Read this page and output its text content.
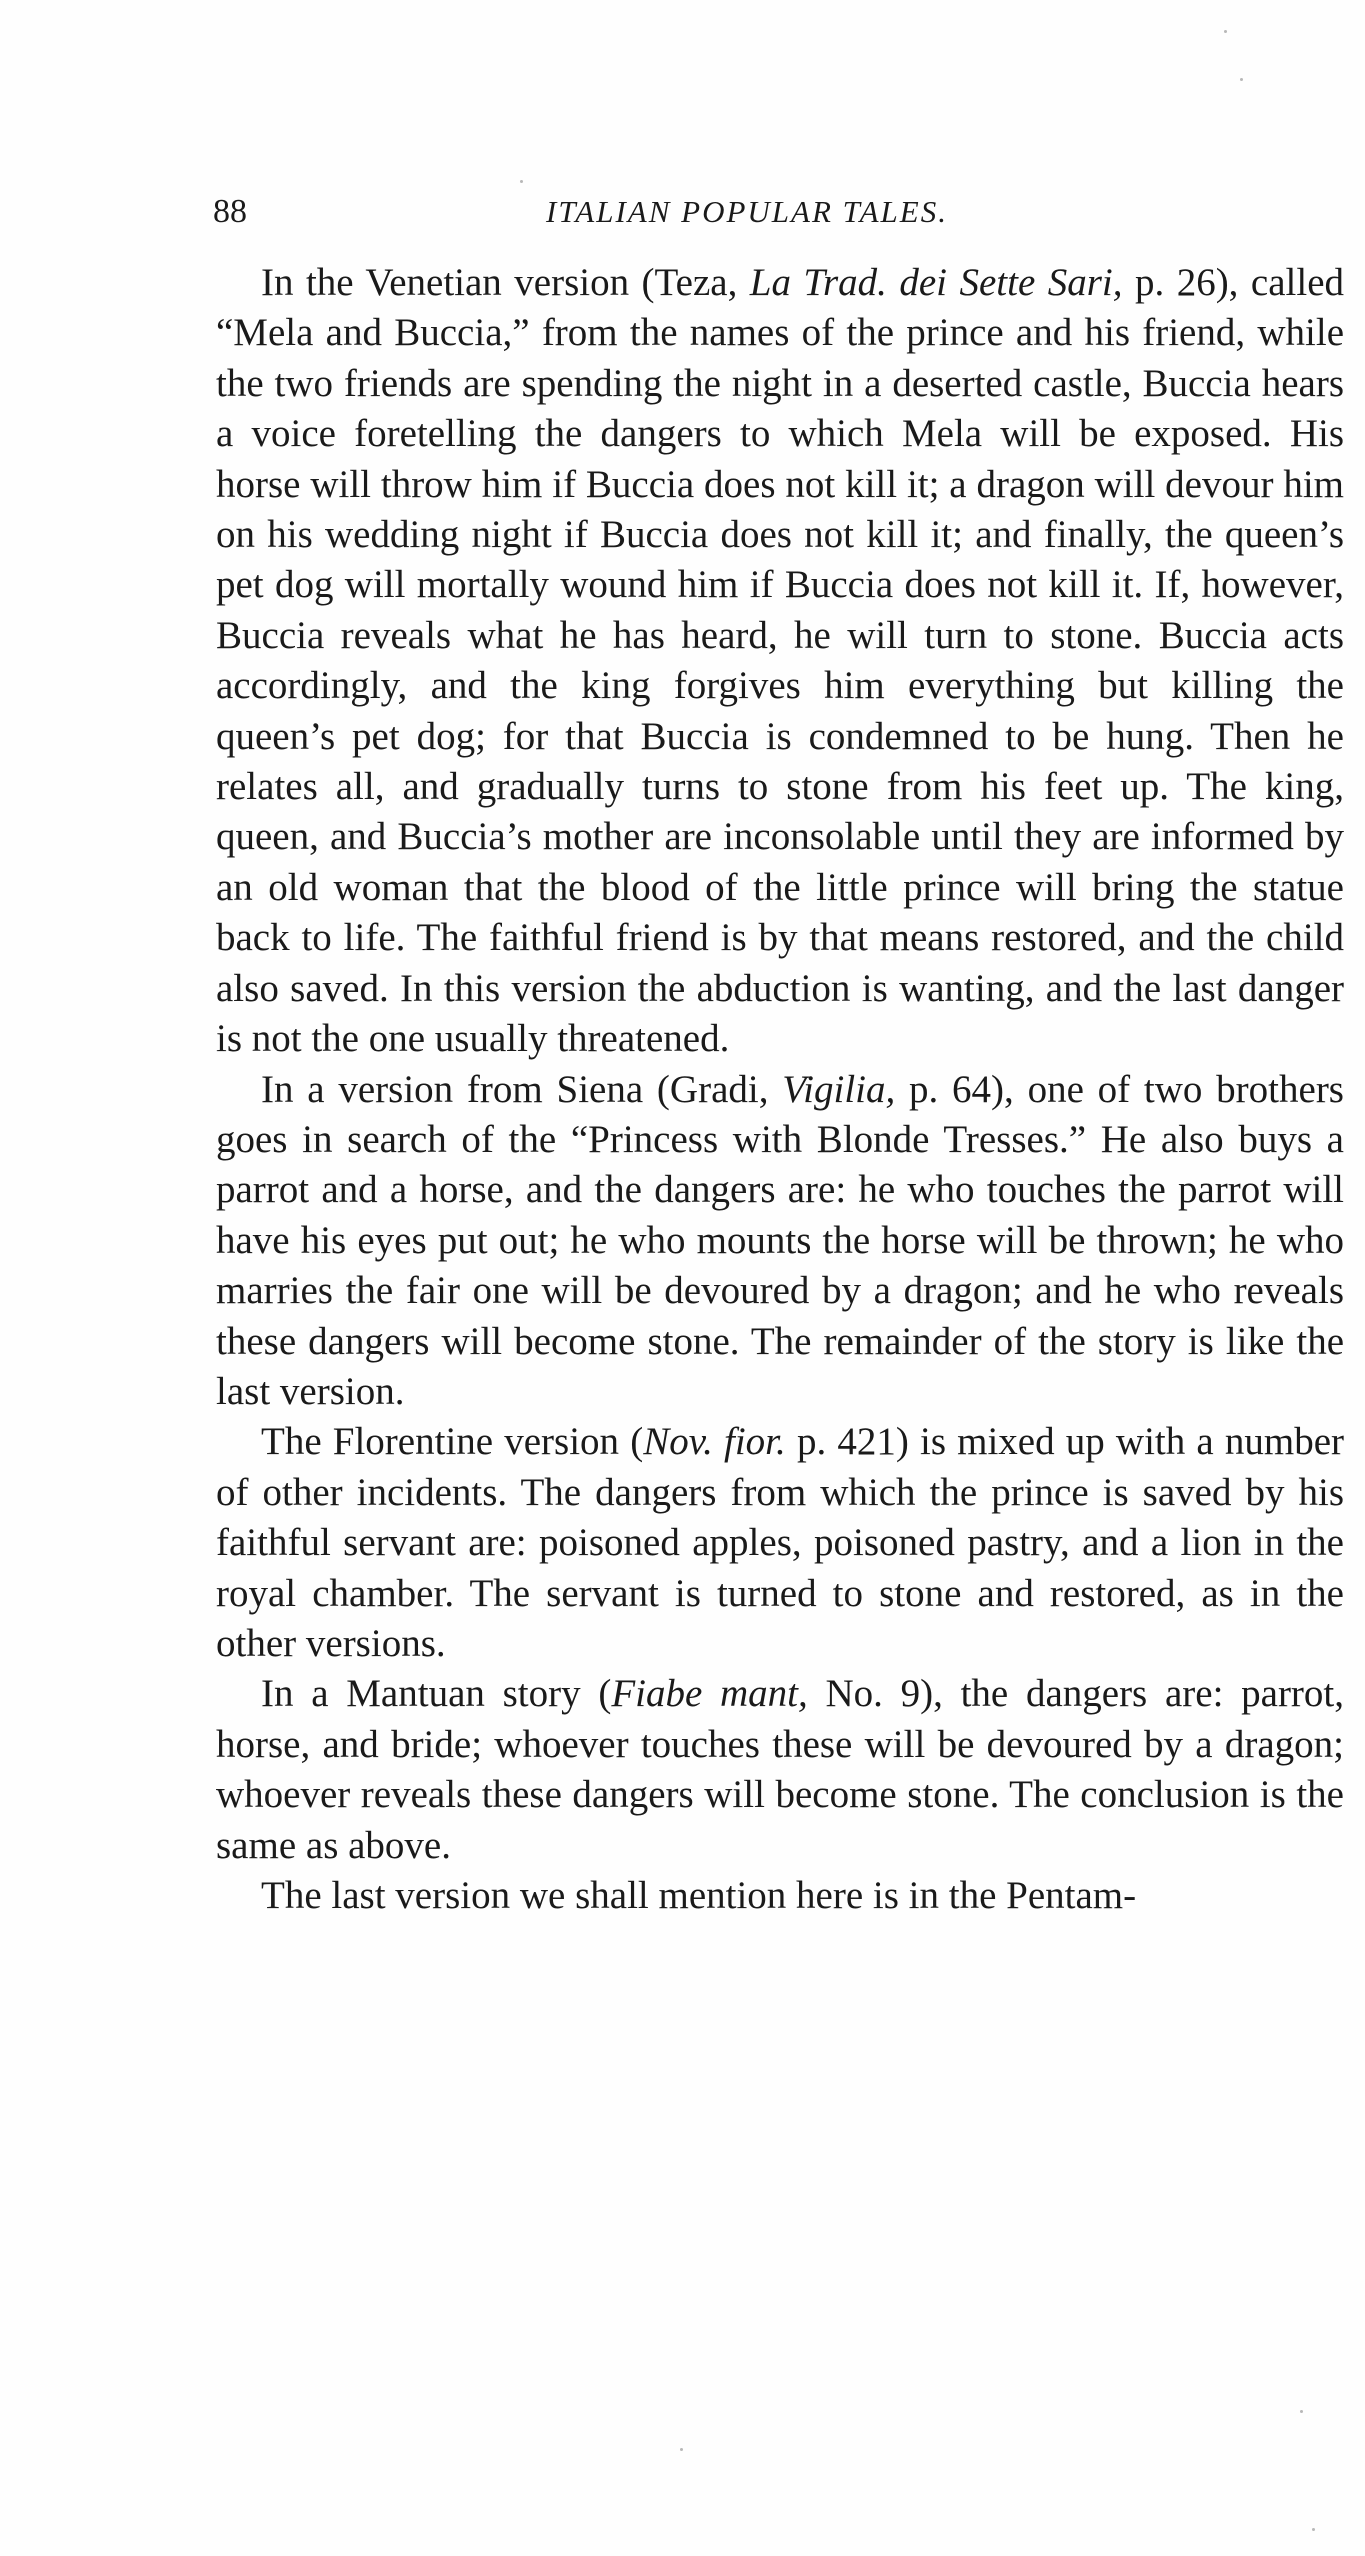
88	ITALIAN POPULAR TALES.

In the Venetian version (Teza, La Trad. dei Sette Sari, p. 26), called “Mela and Buccia,” from the names of the prince and his friend, while the two friends are spending the night in a deserted castle, Buccia hears a voice foretelling the dangers to which Mela will be exposed. His horse will throw him if Buccia does not kill it; a dragon will devour him on his wedding night if Buccia does not kill it; and finally, the queen’s pet dog will mortally wound him if Buccia does not kill it. If, however, Buccia reveals what he has heard, he will turn to stone. Buccia acts accordingly, and the king forgives him everything but killing the queen’s pet dog; for that Buccia is condemned to be hung. Then he relates all, and gradually turns to stone from his feet up. The king, queen, and Buccia’s mother are inconsolable until they are informed by an old woman that the blood of the little prince will bring the statue back to life. The faithful friend is by that means restored, and the child also saved. In this version the abduction is wanting, and the last danger is not the one usually threatened.

In a version from Siena (Gradi, Vigilia, p. 64), one of two brothers goes in search of the “Princess with Blonde Tresses.” He also buys a parrot and a horse, and the dangers are: he who touches the parrot will have his eyes put out; he who mounts the horse will be thrown; he who marries the fair one will be devoured by a dragon; and he who reveals these dangers will become stone. The remainder of the story is like the last version.

The Florentine version (Nov. fior. p. 421) is mixed up with a number of other incidents. The dangers from which the prince is saved by his faithful servant are: poisoned apples, poisoned pastry, and a lion in the royal chamber. The servant is turned to stone and restored, as in the other versions.

In a Mantuan story (Fiabe mant, No. 9), the dangers are: parrot, horse, and bride; whoever touches these will be devoured by a dragon; whoever reveals these dangers will become stone. The conclusion is the same as above.

The last version we shall mention here is in the Pentam-
